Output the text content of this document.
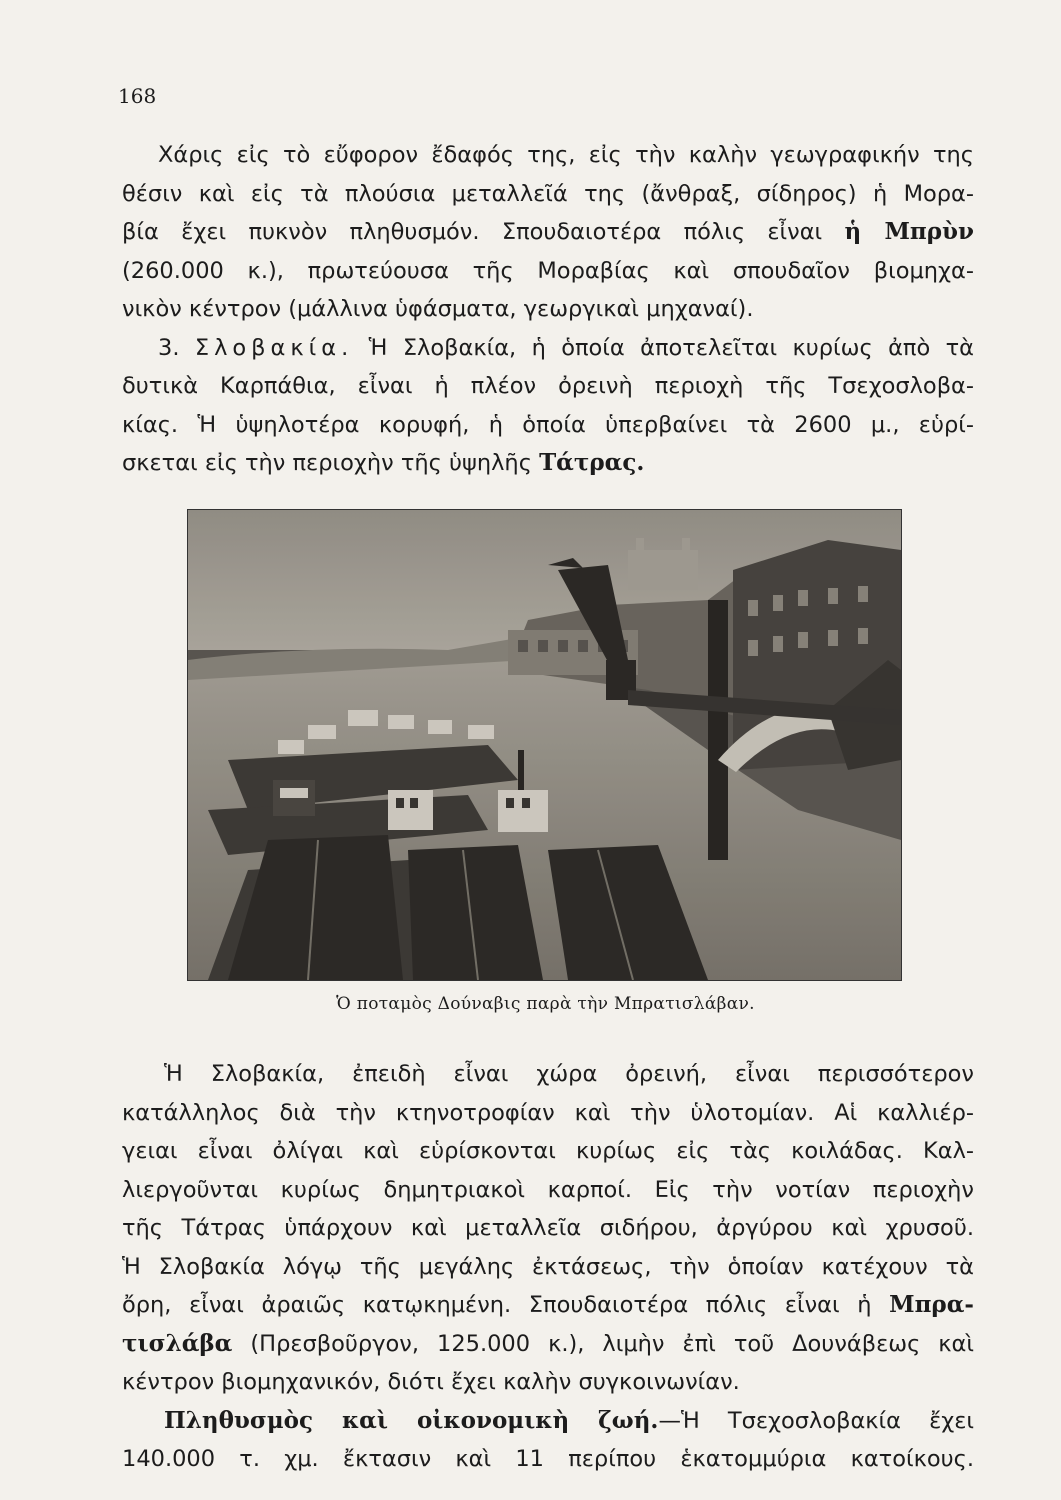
168
Χάρις εἰς τὸ εὔφορον ἔδαφός της, εἰς τὴν καλὴν γεωγραφικήν της
θέσιν καὶ εἰς τὰ πλούσια μεταλλεῖά της (ἄνθραξ, σίδηρος) ἡ Μορα-
βία ἔχει πυκνὸν πληθυσμόν. Σπουδαιοτέρα πόλις εἶναι ἡ Μπρὺν
(260.000 κ.), πρωτεύουσα τῆς Μοραβίας καὶ σπουδαῖον βιομηχα-
νικὸν κέντρον (μάλλινα ὑφάσματα, γεωργικαὶ μηχαναί).
3. Σλοβακία. Ἡ Σλοβακία, ἡ ὁποία ἀποτελεῖται κυρίως ἀπὸ τὰ
δυτικὰ Καρπάθια, εἶναι ἡ πλέον ὀρεινὴ περιοχὴ τῆς Τσεχοσλοβα-
κίας. Ἡ ὑψηλοτέρα κορυφή, ἡ ὁποία ὑπερβαίνει τὰ 2600 μ., εὑρί-
σκεται εἰς τὴν περιοχὴν τῆς ὑψηλῆς Τάτρας.
Ὁ ποταμὸς Δούναβις παρὰ τὴν Μπρατισλάβαν.
Ἡ Σλοβακία, ἐπειδὴ εἶναι χώρα ὀρεινή, εἶναι περισσότερον
κατάλληλος διὰ τὴν κτηνοτροφίαν καὶ τὴν ὑλοτομίαν. Αἱ καλλιέρ-
γειαι εἶναι ὀλίγαι καὶ εὑρίσκονται κυρίως εἰς τὰς κοιλάδας. Καλ-
λιεργοῦνται κυρίως δημητριακοὶ καρποί. Εἰς τὴν νοτίαν περιοχὴν
τῆς Τάτρας ὑπάρχουν καὶ μεταλλεῖα σιδήρου, ἀργύρου καὶ χρυσοῦ.
Ἡ Σλοβακία λόγῳ τῆς μεγάλης ἐκτάσεως, τὴν ὁποίαν κατέχουν τὰ
ὄρη, εἶναι ἀραιῶς κατῳκημένη. Σπουδαιοτέρα πόλις εἶναι ἡ Μπρα-
τισλάβα (Πρεσβοῦργον, 125.000 κ.), λιμὴν ἐπὶ τοῦ Δουνάβεως καὶ
κέντρον βιομηχανικόν, διότι ἔχει καλὴν συγκοινωνίαν.
Πληθυσμὸς καὶ οἰκονομικὴ ζωή.—Ἡ Τσεχοσλοβακία ἔχει
140.000 τ. χμ. ἔκτασιν καὶ 11 περίπου ἑκατομμύρια κατοίκους.
